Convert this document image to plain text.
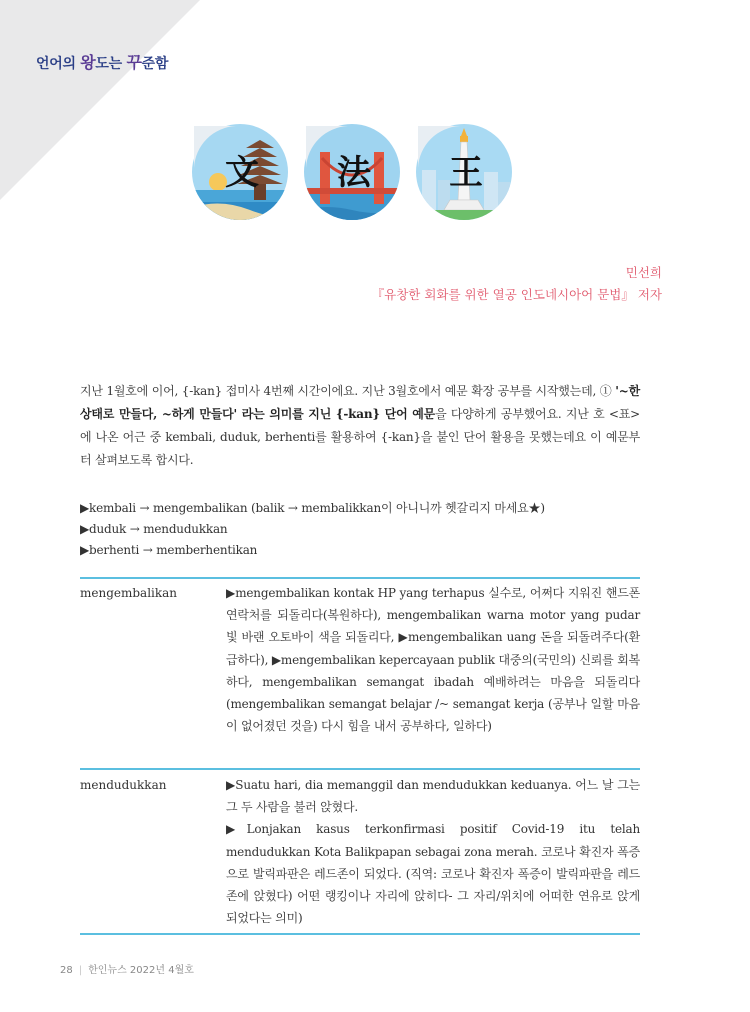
언어의 왕도는 꾸준함
文 法 王
민선희
『유창한 회화를 위한 열공 인도네시아어 문법』 저자
지난 1월호에 이어, {-kan} 접미사 4번째 시간이에요. 지난 3월호에서 예문 확장 공부를 시작했는데, ① '~한 상태로 만들다, ~하게 만들다' 라는 의미를 지닌 {-kan} 단어 예문을 다양하게 공부했어요. 지난 호 <표>에 나온 어근 중 kembali, duduk, berhenti를 활용하여 {-kan}을 붙인 단어 활용을 못했는데요 이 예문부터 살펴보도록 합시다.
▶kembali → mengembalikan (balik → membalikkan이 아니니까 헷갈리지 마세요★)
▶duduk → mendudukkan
▶berhenti → memberhentikan
mengembalikan	▶mengembalikan kontak HP yang terhapus 실수로, 어쩌다 지워진 핸드폰 연락처를 되돌리다(복원하다), mengembalikan warna motor yang pudar 빛 바랜 오토바이 색을 되돌리다, ▶mengembalikan uang 돈을 되돌려주다(환급하다), ▶mengembalikan kepercayaan publik 대중의(국민의) 신뢰를 회복하다, mengembalikan semangat ibadah 예배하려는 마음을 되돌리다(mengembalikan semangat belajar /~ semangat kerja (공부나 일할 마음이 없어졌던 것을) 다시 힘을 내서 공부하다, 일하다)
mendudukkan	▶Suatu hari, dia memanggil dan mendudukkan keduanya. 어느 날 그는 그 두 사람을 불러 앉혔다.

▶Lonjakan kasus terkonfirmasi positif Covid-19 itu telah mendudukkan Kota Balikpapan sebagai zona merah. 코로나 확진자 폭증으로 발릭파판은 레드존이 되었다. (직역: 코로나 확진자 폭증이 발릭파판을 레드존에 앉혔다) 어떤 랭킹이나 자리에 앉히다- 그 자리/위치에 어떠한 연유로 앉게 되었다는 의미)

28 | 한인뉴스 2022년 4월호
